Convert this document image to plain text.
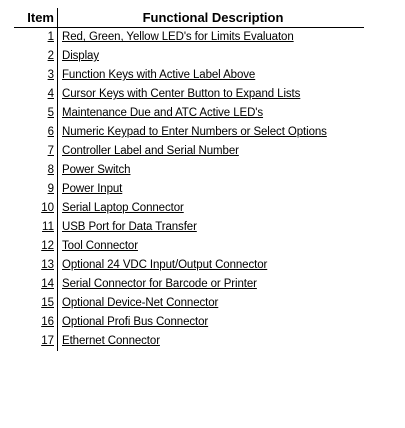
Item	Functional Description
1 Red, Green, Yellow LED's for Limits Evaluaton
2 Display
3 Function Keys with Active Label Above
4 Cursor Keys with Center Button to Expand Lists
5 Maintenance Due and ATC Active LED's
6 Numeric Keypad to Enter Numbers or Select Options
7 Controller Label and Serial Number
8 Power Switch
9 Power Input
10 Serial Laptop Connector
11 USB Port for Data Transfer
12 Tool Connector
13 Optional 24 VDC Input/Output Connector
14 Serial Connector for Barcode or Printer
15 Optional Device-Net Connector
16 Optional Profi Bus Connector
17 Ethernet Connector
